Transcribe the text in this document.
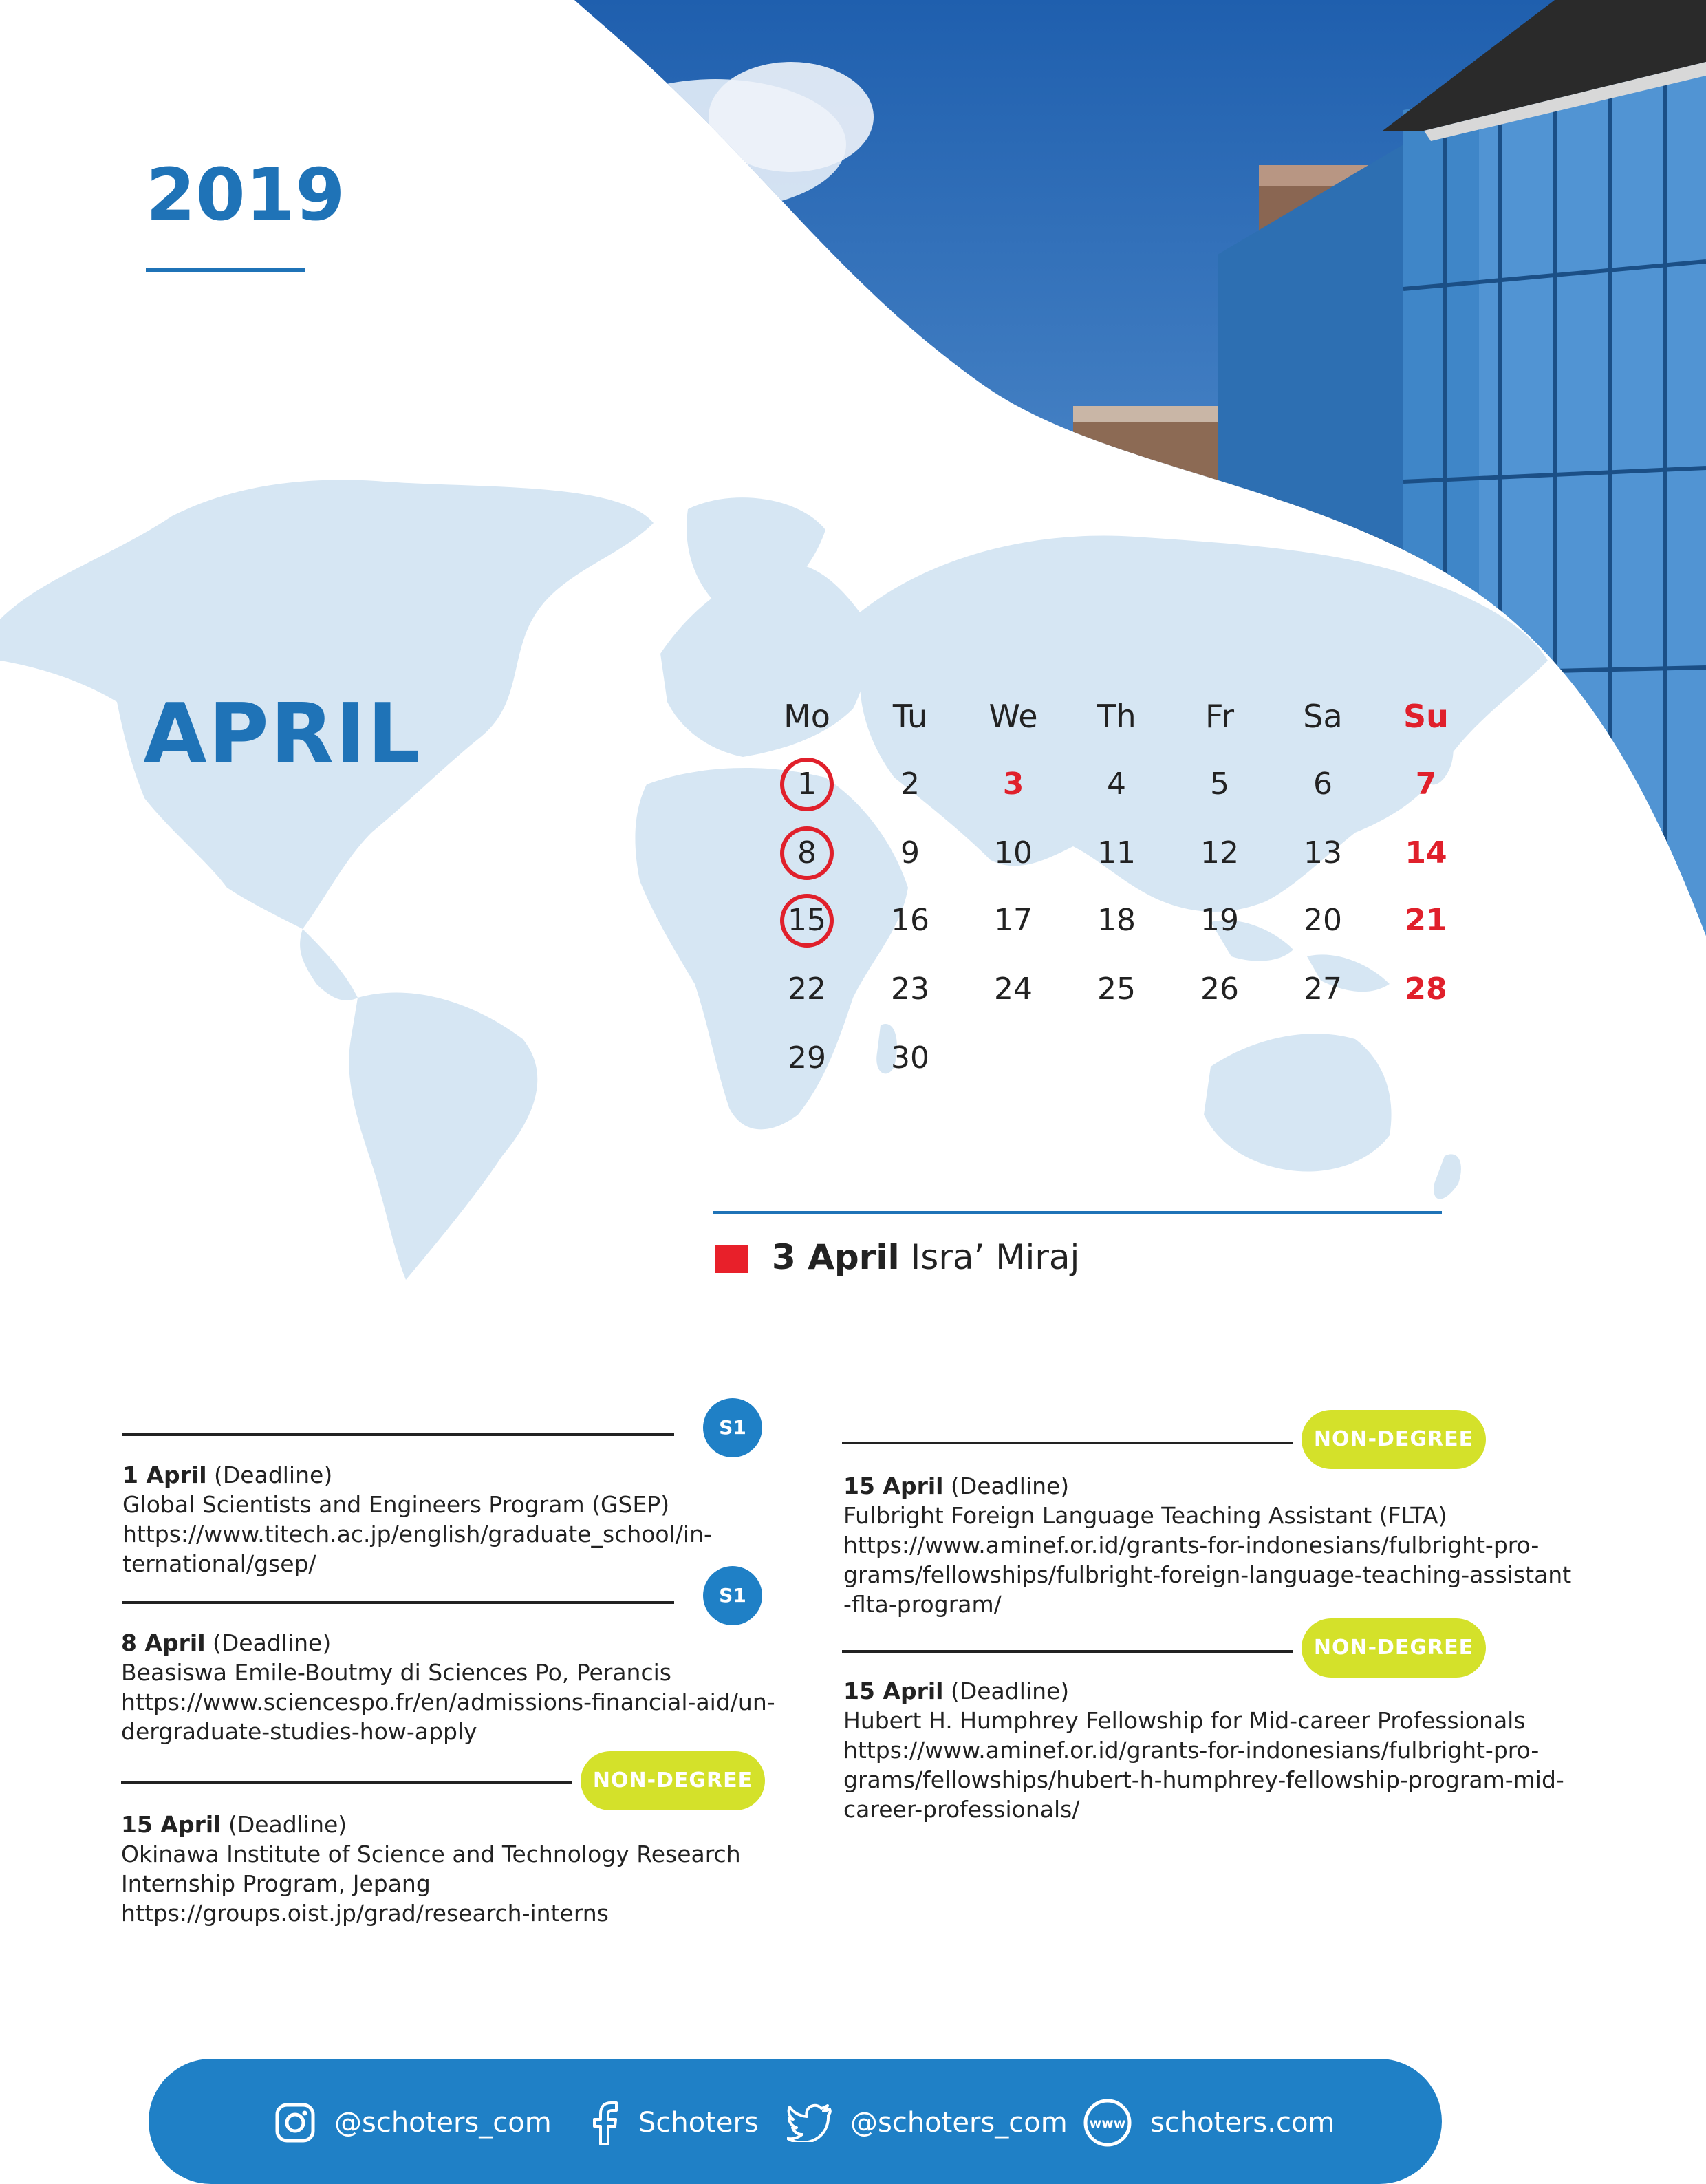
2019
APRIL	Mo	Tu	We	Th	Fr	Sa	Su
1	2	3	4	5	6	7
8	9	10	11	12	13	14
15	16	17	18	19	20	21
22	23	24	25	26	27	28
29	30
3 April Isra’ Miraj
S1
1 April (Deadline)
Global Scientists and Engineers Program (GSEP)
https://www.titech.ac.jp/english/graduate_school/in-
ternational/gsep/
S1
8 April (Deadline)
Beasiswa Emile-Boutmy di Sciences Po, Perancis
https://www.sciencespo.fr/en/admissions-financial-aid/un-
dergraduate-studies-how-apply
NON-DEGREE
15 April (Deadline)
Okinawa Institute of Science and Technology Research
Internship Program, Jepang
https://groups.oist.jp/grad/research-interns
NON-DEGREE
15 April (Deadline)
Fulbright Foreign Language Teaching Assistant (FLTA)
https://www.aminef.or.id/grants-for-indonesians/fulbright-pro-
grams/fellowships/fulbright-foreign-language-teaching-assistant
-flta-program/
NON-DEGREE
15 April (Deadline)
Hubert H. Humphrey Fellowship for Mid-career Professionals
https://www.aminef.or.id/grants-for-indonesians/fulbright-pro-
grams/fellowships/hubert-h-humphrey-fellowship-program-mid-
career-professionals/
@schoters_com	Schoters	@schoters_com www schoters.com
